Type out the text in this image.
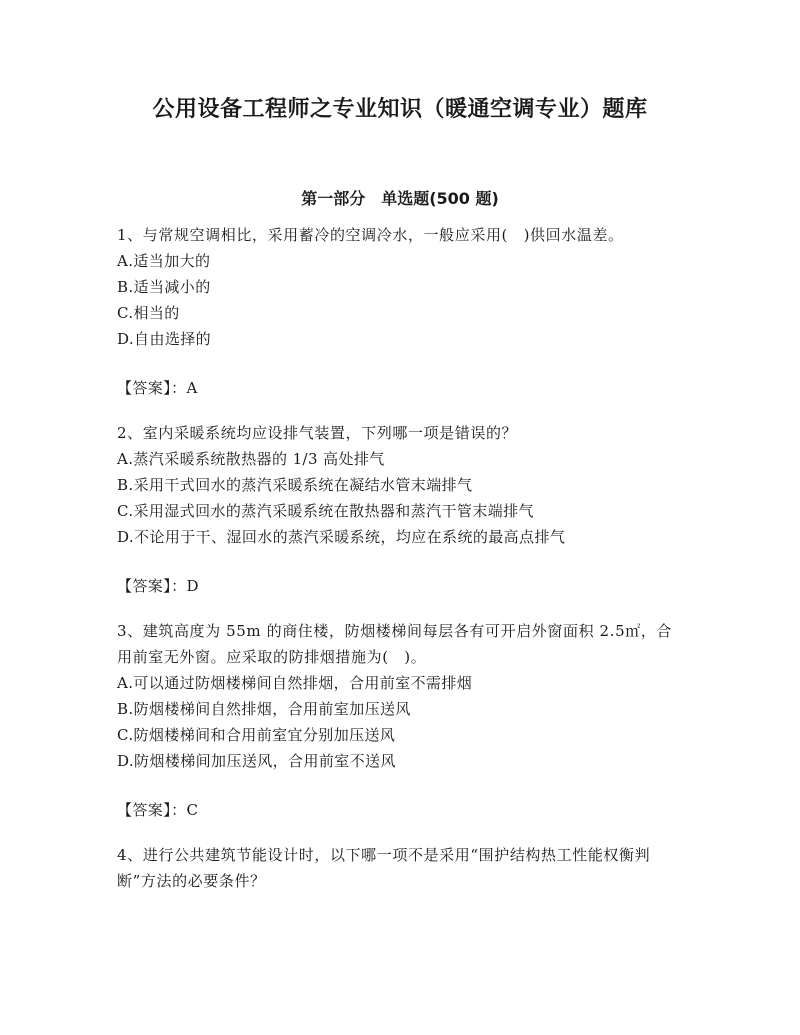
公用设备工程师之专业知识（暖通空调专业）题库
第一部分　单选题(500 题)

1、与常规空调相比，采用蓄冷的空调冷水，一般应采用(　)供回水温差。

A.适当加大的

B.适当减小的

C.相当的

D.自由选择的

【答案】：A

2、室内采暖系统均应设排气装置，下列哪一项是错误的？

A.蒸汽采暖系统散热器的 1/3 高处排气

B.采用干式回水的蒸汽采暖系统在凝结水管末端排气

C.采用湿式回水的蒸汽采暖系统在散热器和蒸汽干管末端排气

D.不论用于干、湿回水的蒸汽采暖系统，均应在系统的最高点排气

【答案】：D

3、建筑高度为 55m 的商住楼，防烟楼梯间每层各有可开启外窗面积 2.5㎡，合用前室无外窗。应采取的防排烟措施为(　)。

A.可以通过防烟楼梯间自然排烟，合用前室不需排烟

B.防烟楼梯间自然排烟，合用前室加压送风

C.防烟楼梯间和合用前室宜分别加压送风

D.防烟楼梯间加压送风，合用前室不送风

【答案】：C

4、进行公共建筑节能设计时，以下哪一项不是采用“围护结构热工性能权衡判断”方法的必要条件？
